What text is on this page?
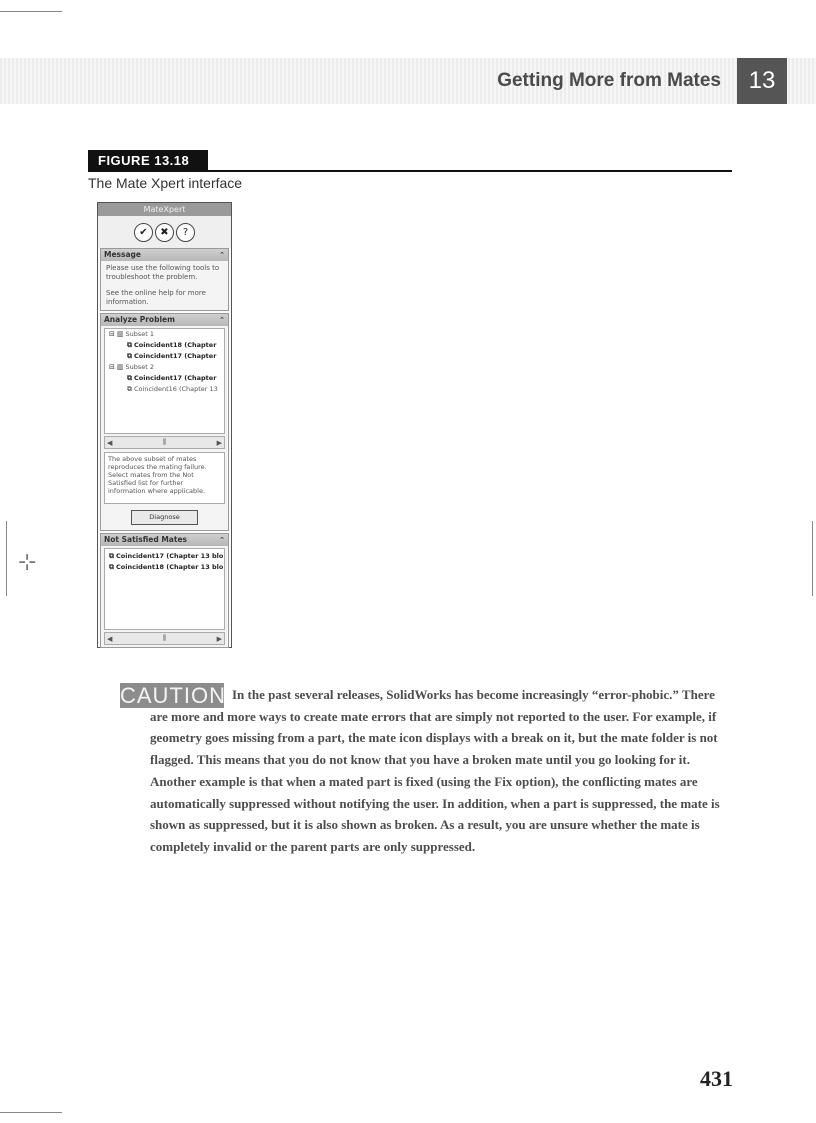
⊹
Getting More from Mates	13
FIGURE 13.18
The Mate Xpert interface
MateXpert
✔	✖	?
Message	⌃
Please use the following tools to troubleshoot the problem.
See the online help for more information.
Analyze Problem	⌃
⊟ ▥ Subset 1
⧉ Coincident18 (Chapter
⧉ Coincident17 (Chapter
⊟ ▥ Subset 2
⧉ Coincident17 (Chapter
⧉ Coincident16 (Chapter 13
◀	⫼	▶
The above subset of mates reproduces the mating failure. Select mates from the Not Satisfied list for further information where applicable.
Diagnose
Not Satisfied Mates	⌃
⧉ Coincident17 (Chapter 13 blo
⧉ Coincident18 (Chapter 13 blo
◀	⫼	▶
CAUTION In the past several releases, SolidWorks has become increasingly “error-phobic.” There are more and more ways to create mate errors that are simply not reported to the user. For example, if geometry goes missing from a part, the mate icon displays with a break on it, but the mate folder is not flagged. This means that you do not know that you have a broken mate until you go looking for it.

Another example is that when a mated part is fixed (using the Fix option), the conflicting mates are automatically suppressed without notifying the user. In addition, when a part is suppressed, the mate is shown as suppressed, but it is also shown as broken. As a result, you are unsure whether the mate is completely invalid or the parent parts are only suppressed.

431
